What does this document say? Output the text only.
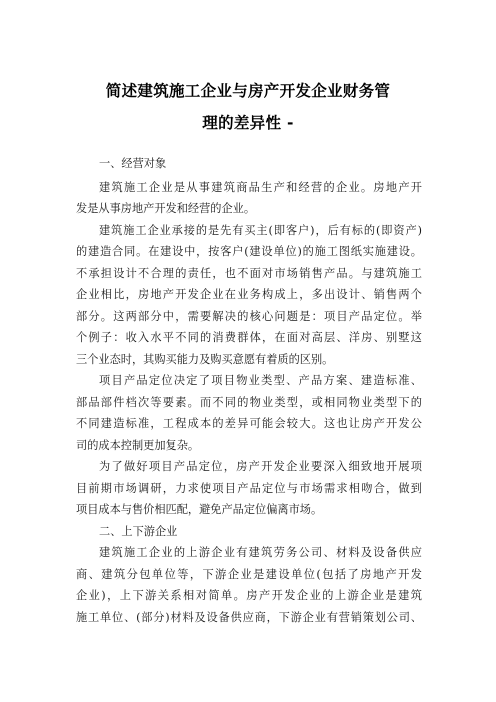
简述建筑施工企业与房产开发企业财务管
理的差异性 -
一、经营对象
建筑施工企业是从事建筑商品生产和经营的企业。房地产开
发是从事房地产开发和经营的企业。
建筑施工企业承接的是先有买主(即客户)，后有标的(即资产)
的建造合同。在建设中，按客户(建设单位)的施工图纸实施建设。
不承担设计不合理的责任，也不面对市场销售产品。与建筑施工
企业相比，房地产开发企业在业务构成上，多出设计、销售两个
部分。这两部分中，需要解决的核心问题是：项目产品定位。举
个例子：收入水平不同的消费群体，在面对高层、洋房、别墅这
三个业态时，其购买能力及购买意愿有着质的区别。
项目产品定位决定了项目物业类型、产品方案、建造标准、
部品部件档次等要素。而不同的物业类型，或相同物业类型下的
不同建造标准，工程成本的差异可能会较大。这也让房产开发公
司的成本控制更加复杂。
为了做好项目产品定位，房产开发企业要深入细致地开展项
目前期市场调研，力求使项目产品定位与市场需求相吻合，做到
项目成本与售价相匹配，避免产品定位偏离市场。
二、上下游企业
建筑施工企业的上游企业有建筑劳务公司、材料及设备供应
商、建筑分包单位等，下游企业是建设单位(包括了房地产开发
企业)，上下游关系相对简单。房产开发企业的上游企业是建筑
施工单位、(部分)材料及设备供应商，下游企业有营销策划公司、
